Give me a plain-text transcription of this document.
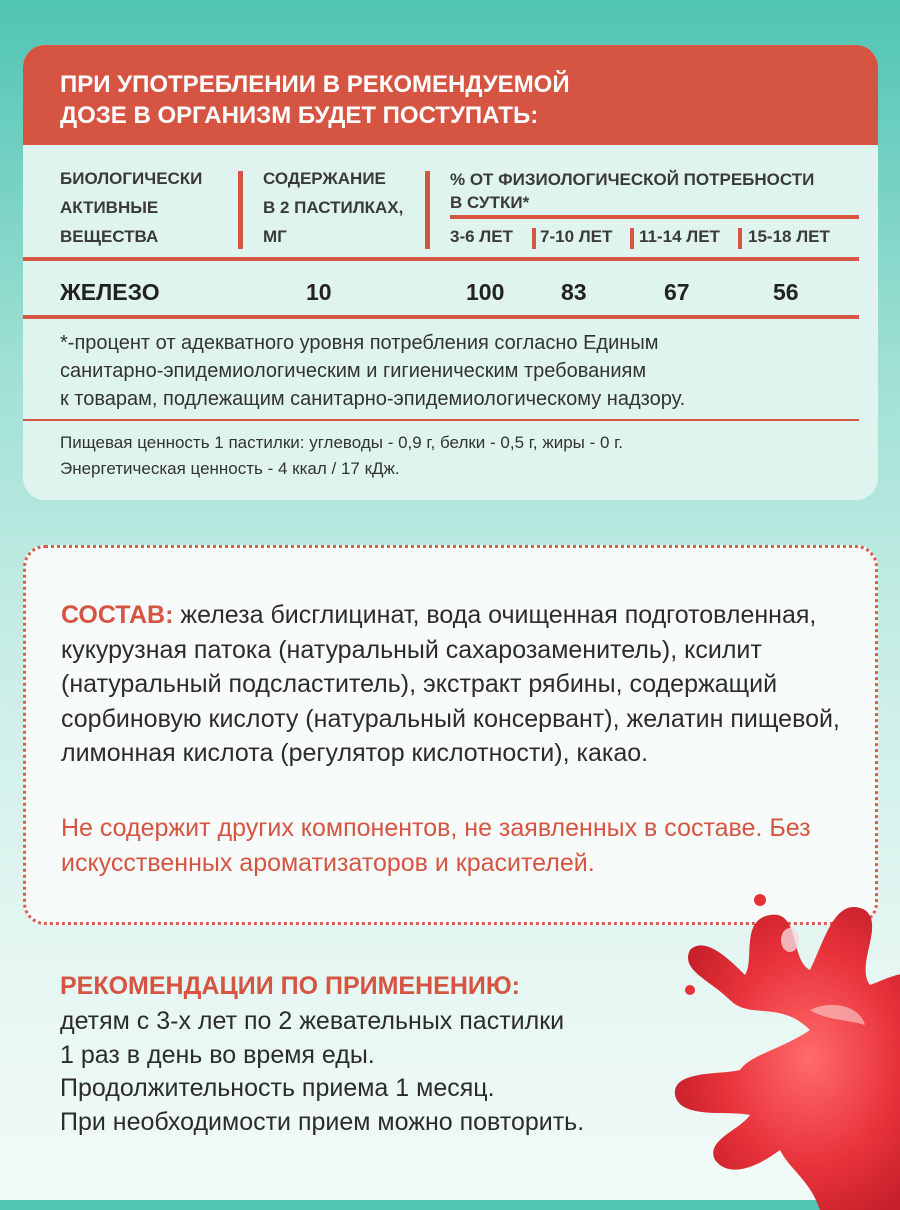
ПРИ УПОТРЕБЛЕНИИ В РЕКОМЕНДУЕМОЙ
ДОЗЕ В ОРГАНИЗМ БУДЕТ ПОСТУПАТЬ:

БИОЛОГИЧЕСКИ
АКТИВНЫЕ
ВЕЩЕСТВА
СОДЕРЖАНИЕ
В 2 ПАСТИЛКАХ,
МГ
% ОТ ФИЗИОЛОГИЧЕСКОЙ ПОТРЕБНОСТИ
В СУТКИ*
3-6 ЛЕТ 7-10 ЛЕТ 11-14 ЛЕТ 15-18 ЛЕТ
ЖЕЛЕЗО	10	100 83	67	56
*-процент от адекватного уровня потребления согласно Единым
санитарно-эпидемиологическим и гигиеническим требованиям
к товарам, подлежащим санитарно-эпидемиологическому надзору.
Пищевая ценность 1 пастилки: углеводы - 0,9 г, белки - 0,5 г, жиры - 0 г.
Энергетическая ценность - 4 ккал / 17 кДж.

СОСТАВ: железа бисглицинат, вода очищенная подготовленная, кукурузная патока (натуральный сахарозаменитель), ксилит (натуральный подсластитель), экстракт рябины, содержащий сорбиновую кислоту (натуральный консервант), желатин пищевой, лимонная кислота (регулятор кислотности), какао.

Не содержит других компонентов, не заявленных в составе. Без искусственных ароматизаторов и красителей.

РЕКОМЕНДАЦИИ ПО ПРИМЕНЕНИЮ:
детям с 3-х лет по 2 жевательных пастилки
1 раз в день во время еды.
Продолжительность приема 1 месяц.
При необходимости прием можно повторить.
